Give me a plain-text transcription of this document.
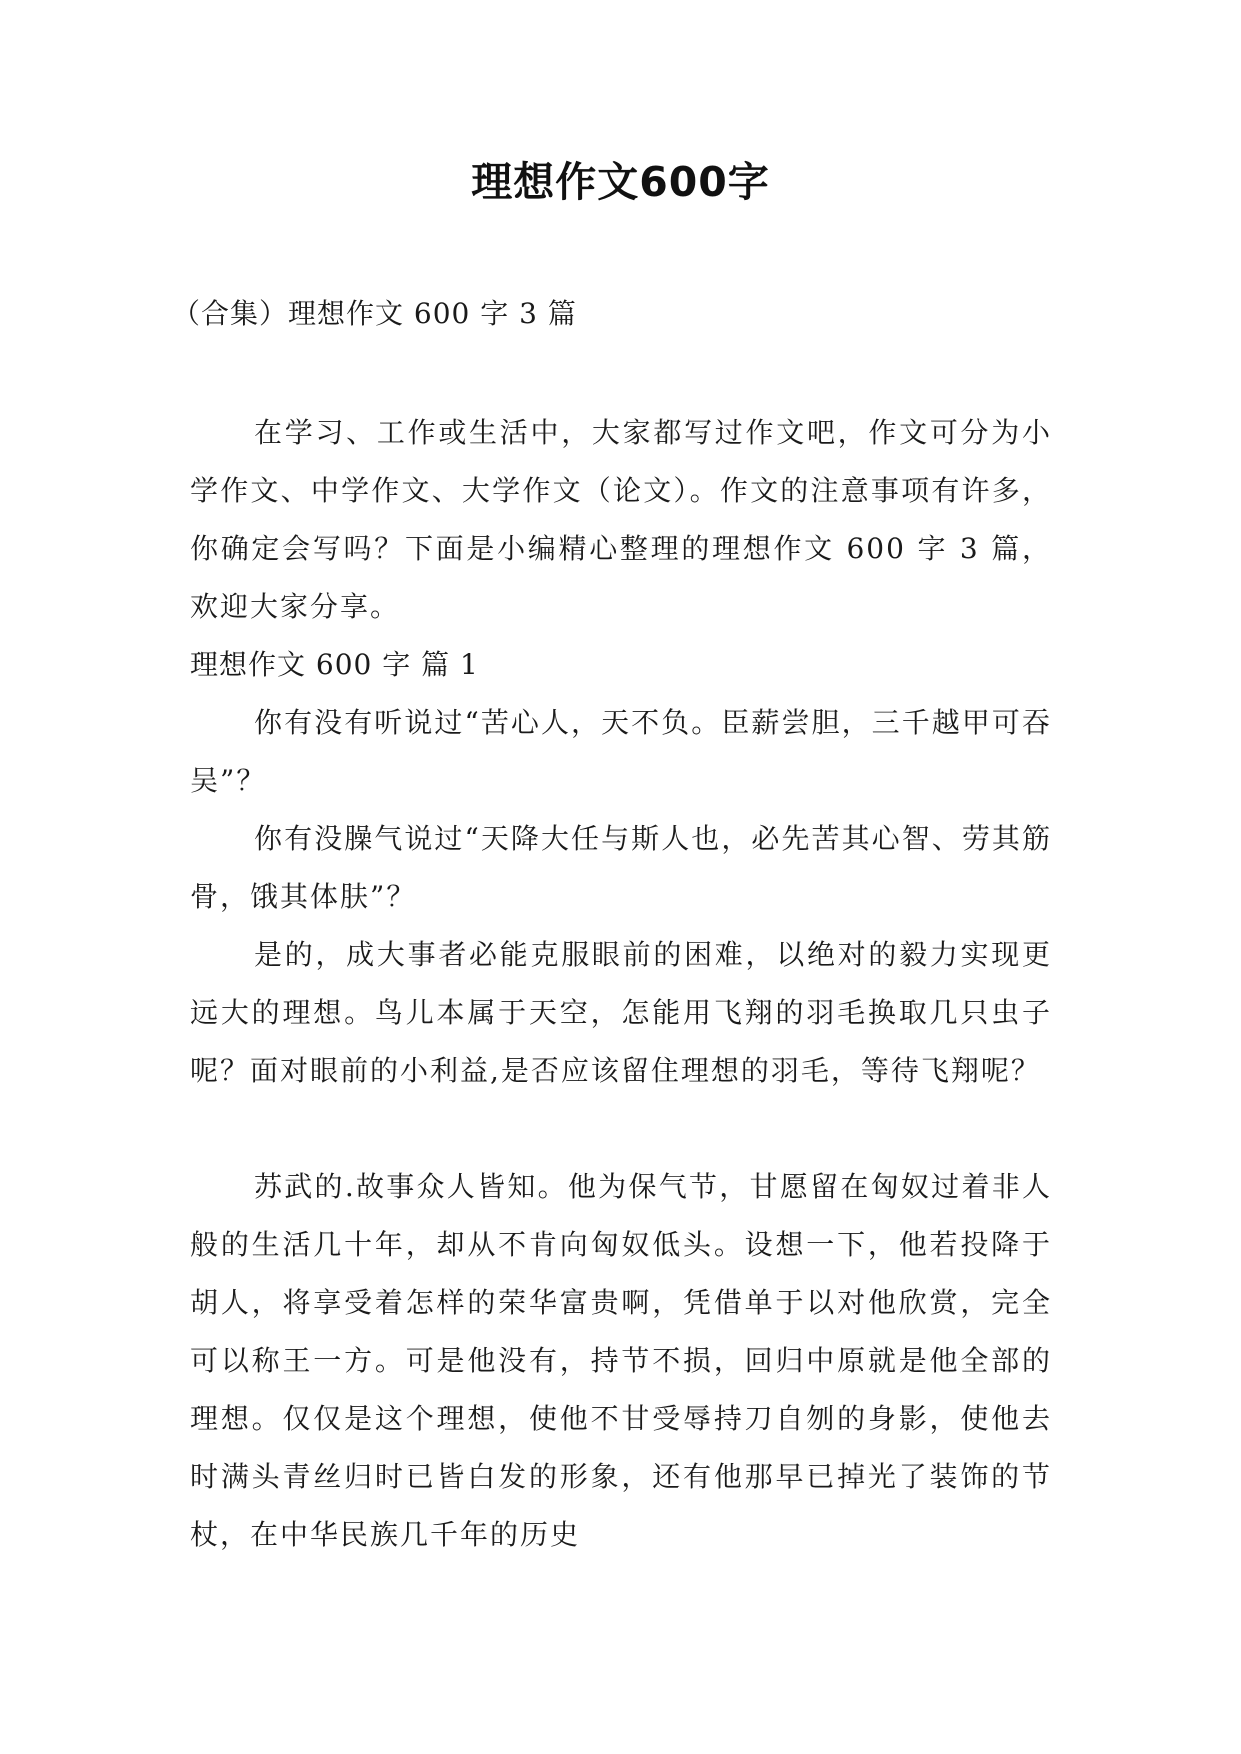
理想作文600字
（合集）理想作文 600 字 3 篇
在学习、工作或生活中，大家都写过作文吧，作文可分为小学作文、中学作文、大学作文（论文）。作文的注意事项有许多，你确定会写吗？下面是小编精心整理的理想作文 600 字 3 篇，欢迎大家分享。
理想作文 600 字 篇 1
你有没有听说过“苦心人，天不负。臣薪尝胆，三千越甲可吞吴”？
你有没臊气说过“天降大任与斯人也，必先苦其心智、劳其筋骨，饿其体肤”？
是的，成大事者必能克服眼前的困难，以绝对的毅力实现更远大的理想。鸟儿本属于天空，怎能用飞翔的羽毛换取几只虫子呢？面对眼前的小利益,是否应该留住理想的羽毛，等待飞翔呢？
苏武的.故事众人皆知。他为保气节，甘愿留在匈奴过着非人般的生活几十年，却从不肯向匈奴低头。设想一下，他若投降于胡人，将享受着怎样的荣华富贵啊，凭借单于以对他欣赏，完全可以称王一方。可是他没有，持节不损，回归中原就是他全部的理想。仅仅是这个理想，使他不甘受辱持刀自刎的身影，使他去时满头青丝归时已皆白发的形象，还有他那早已掉光了装饰的节杖，在中华民族几千年的历史
